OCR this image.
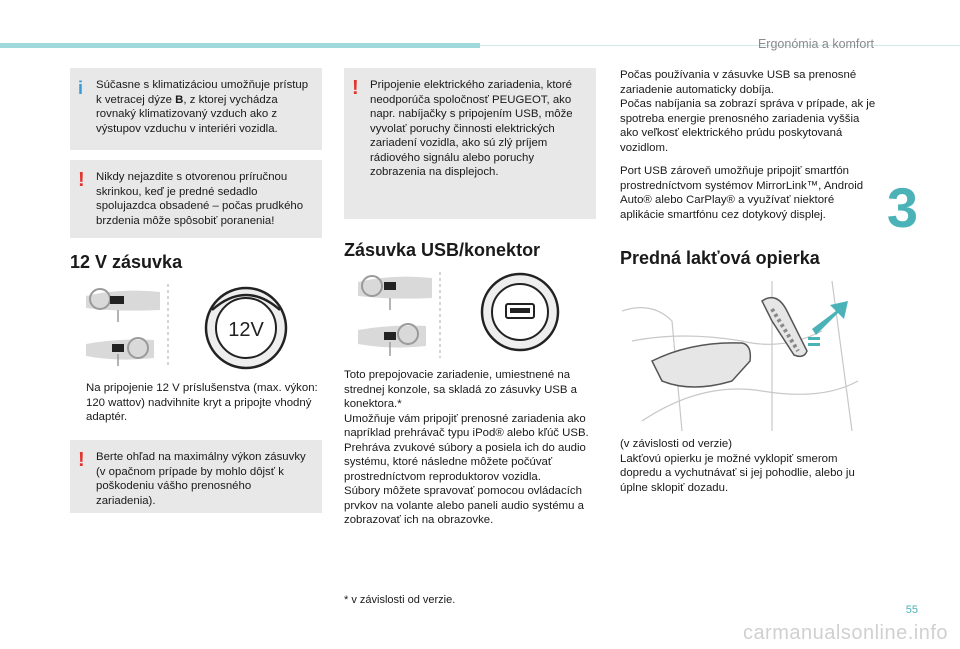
Ergonómia a komfort
3
55
i Súčasne s klimatizáciou umožňuje prístup k vetracej dýze B, z ktorej vychádza rovnaký klimatizovaný vzduch ako z výstupov vzduchu v interiéri vozidla.

! Nikdy nejazdite s otvorenou príručnou skrinkou, keď je predné sedadlo spolujazdca obsadené – počas prudkého brzdenia môže spôsobiť poranenia!

12 V zásuvka
12V
Na pripojenie 12 V príslušenstva (max. výkon: 120 wattov) nadvihnite kryt a pripojte vhodný adaptér.
! Berte ohľad na maximálny výkon zásuvky (v opačnom prípade by mohlo dôjsť k poškodeniu vášho prenosného zariadenia).

! Pripojenie elektrického zariadenia, ktoré neodporúča spoločnosť PEUGEOT, ako napr. nabíjačky s pripojením USB, môže vyvolať poruchy činnosti elektrických zariadení vozidla, ako sú zlý príjem rádiového signálu alebo poruchy zobrazenia na displejoch.

Zásuvka USB/konektor
Toto prepojovacie zariadenie, umiestnené na strednej konzole, sa skladá zo zásuvky USB a konektora.*
Umožňuje vám pripojiť prenosné zariadenia ako napríklad prehrávač typu iPod® alebo kľúč USB.
Prehráva zvukové súbory a posiela ich do audio systému, ktoré následne môžete počúvať prostredníctvom reproduktorov vozidla.
Súbory môžete spravovať pomocou ovládacích prvkov na volante alebo paneli audio systému a zobrazovať ich na obrazovke.
* v závislosti od verzie.

Počas používania v zásuvke USB sa prenosné zariadenie automaticky dobíja.
Počas nabíjania sa zobrazí správa v prípade, ak je spotreba energie prenosného zariadenia vyššia ako veľkosť elektrického prúdu poskytovaná vozidlom.

Port USB zároveň umožňuje pripojiť smartfón prostredníctvom systémov MirrorLink™, Android Auto® alebo CarPlay® a využívať niektoré aplikácie smartfónu cez dotykový displej.

Predná lakťová opierka
(v závislosti od verzie)
Lakťovú opierku je možné vyklopiť smerom dopredu a vychutnávať si jej pohodlie, alebo ju úplne sklopiť dozadu.
carmanualsonline.info
